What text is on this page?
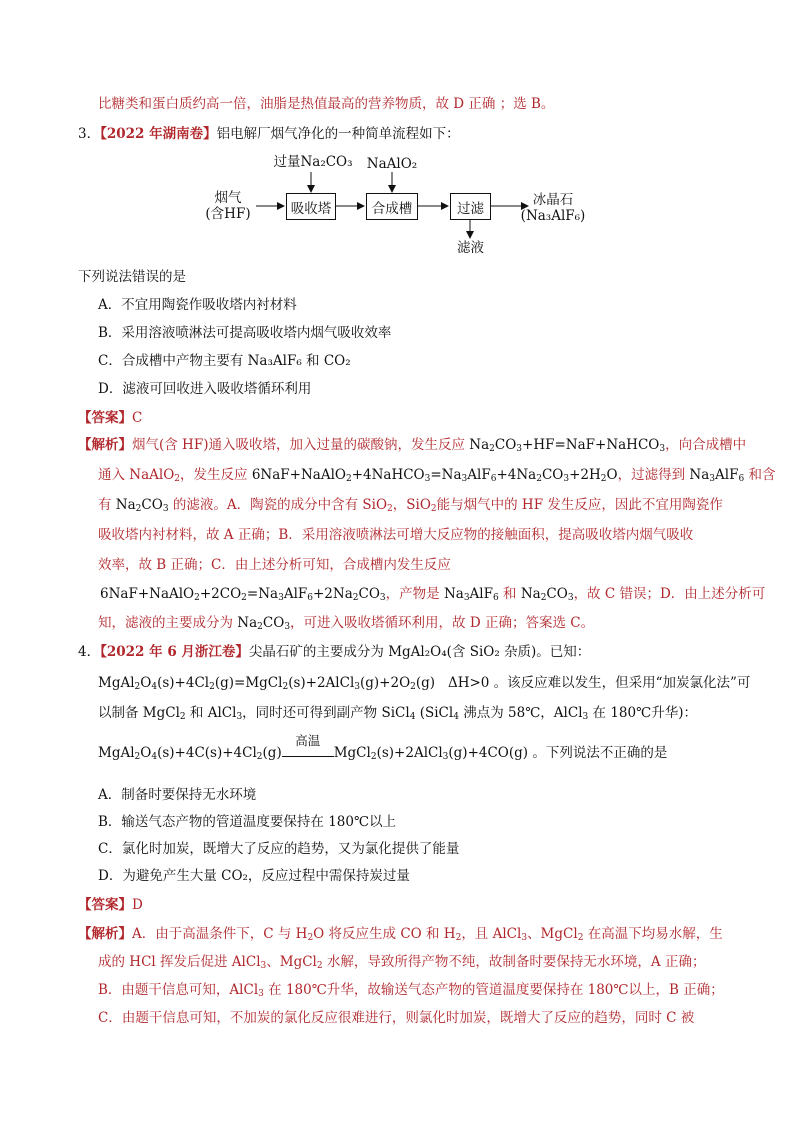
比糖类和蛋白质约高一倍，油脂是热值最高的营养物质，故 D 正确 ；选 B。
3．【2022 年湖南卷】铝电解厂烟气净化的一种简单流程如下：
烟气
(含HF)
过量Na₂CO₃
吸收塔
NaAlO₂
合成槽	过滤
滤液
冰晶石
(Na₃AlF₆)
下列说法错误的是
A．不宜用陶瓷作吸收塔内衬材料
B．采用溶液喷淋法可提高吸收塔内烟气吸收效率
C．合成槽中产物主要有 Na₃AlF₆ 和 CO₂
D．滤液可回收进入吸收塔循环利用
【答案】C
【解析】烟气(含 HF)通入吸收塔，加入过量的碳酸钠，发生反应 $Na_2CO_3+HF=NaF+NaHCO_3$，向合成槽中
通入 NaAlO$_2$，发生反应 $6NaF+NaAlO_2+4NaHCO_3=Na_3AlF_6+4Na_2CO_3+2H_2O$，过滤得到 $Na_3AlF_6$ 和含
有 $Na_2CO_3$ 的滤液。A．陶瓷的成分中含有 SiO$_2$，SiO$_2$能与烟气中的 HF 发生反应，因此不宜用陶瓷作
吸收塔内衬材料，故 A 正确；B．采用溶液喷淋法可增大反应物的接触面积，提高吸收塔内烟气吸收
效率，故 B 正确；C．由上述分析可知，合成槽内发生反应
$6NaF+NaAlO_2+2CO_2=Na_3AlF_6+2Na_2CO_3$，产物是 $Na_3AlF_6$ 和 $Na_2CO_3$，故 C 错误；D．由上述分析可
知，滤液的主要成分为 $Na_2CO_3$，可进入吸收塔循环利用，故 D 正确；答案选 C。
4．【2022 年 6 月浙江卷】尖晶石矿的主要成分为 MgAl₂O₄(含 SiO₂ 杂质)。已知：
$MgAl_2O_4(s)+4Cl_2(g)=MgCl_2(s)+2AlCl_3(g)+2O_2(g)$   ΔH>0 。该反应难以发生，但采用“加炭氯化法”可
以制备 MgCl$_2$ 和 AlCl$_3$，同时还可得到副产物 SiCl$_4$ (SiCl$_4$ 沸点为 58℃，AlCl$_3$ 在 180℃升华)：
$MgAl_2O_4(s)+4C(s)+4Cl_2(g)$
高温
MgCl$_2$(s)+2AlCl$_3$(g)+4CO(g) 。下列说法不正确的是
A．制备时要保持无水环境
B．输送气态产物的管道温度要保持在 180℃以上
C．氯化时加炭，既增大了反应的趋势，又为氯化提供了能量
D．为避免产生大量 CO₂，反应过程中需保持炭过量
【答案】D
【解析】A．由于高温条件下，C 与 $H_2O$ 将反应生成 CO 和 $H_2$，且 AlCl$_3$、MgCl$_2$ 在高温下均易水解，生
成的 HCl 挥发后促进 AlCl$_3$、MgCl$_2$ 水解，导致所得产物不纯，故制备时要保持无水环境，A 正确；
B．由题干信息可知，AlCl$_3$ 在 180℃升华，故输送气态产物的管道温度要保持在 180℃以上，B 正确；
C．由题干信息可知，不加炭的氯化反应很难进行，则氯化时加炭，既增大了反应的趋势，同时 C 被
